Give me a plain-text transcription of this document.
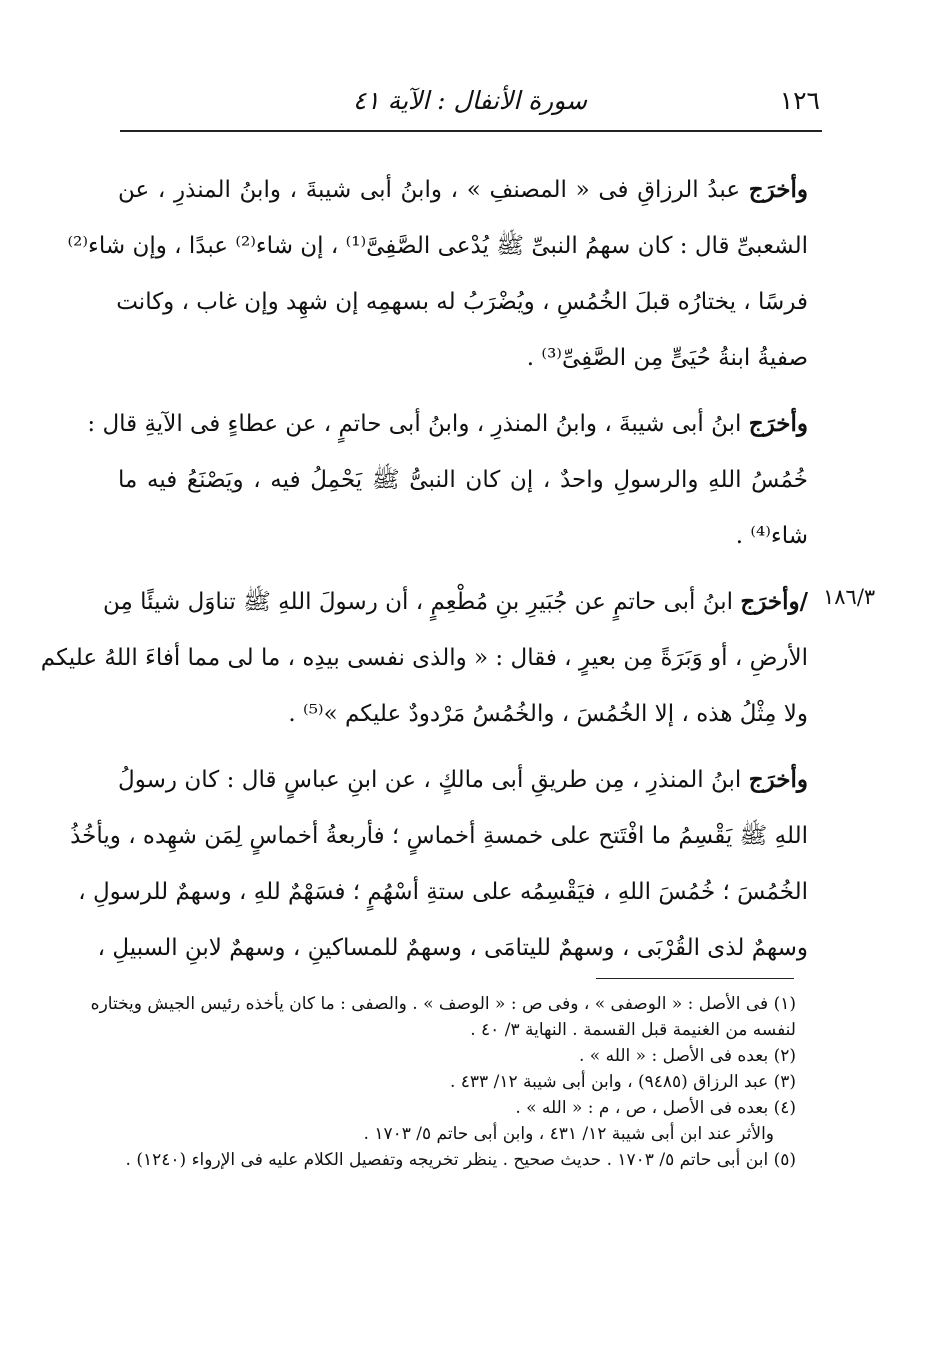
١٢٦
سورة الأنفال : الآية ٤١
١٨٦/٣
وأخرَج عبدُ الرزاقِ فى « المصنفِ » ، وابنُ أبى شيبةَ ، وابنُ المنذرِ ، عن
الشعبىِّ قال : كان سهمُ النبىِّ ﷺ يُدْعى الصَّفِىَّ⁽¹⁾ ، إن شاء⁽²⁾ عبدًا ، وإن شاء⁽²⁾
فرسًا ، يختارُه قبلَ الخُمُسِ ، ويُضْرَبُ له بسهمِه إن شهِد وإن غاب ، وكانت
صفيةُ ابنةُ حُيَىٍّ مِن الصَّفِىِّ⁽³⁾ .
وأخرَج ابنُ أبى شيبةَ ، وابنُ المنذرِ ، وابنُ أبى حاتمٍ ، عن عطاءٍ فى الآيةِ قال :
خُمُسُ اللهِ والرسولِ واحدٌ ، إن كان النبىُّ ﷺ يَحْمِلُ فيه ، ويَصْنَعُ فيه ما
شاء⁽⁴⁾ .
/وأخرَج ابنُ أبى حاتمٍ عن جُبَيرِ بنِ مُطْعِمٍ ، أن رسولَ اللهِ ﷺ تناوَل شيئًا مِن
الأرضِ ، أو وَبَرَةً مِن بعيرٍ ، فقال : « والذى نفسى بيدِه ، ما لى مما أفاءَ اللهُ عليكم
ولا مِثْلُ هذه ، إلا الخُمُسَ ، والخُمُسُ مَرْدودٌ عليكم »⁽⁵⁾ .
وأخرَج ابنُ المنذرِ ، مِن طريقِ أبى مالكٍ ، عن ابنِ عباسٍ قال : كان رسولُ
اللهِ ﷺ يَقْسِمُ ما افْتَتح على خمسةِ أخماسٍ ؛ فأربعةُ أخماسٍ لِمَن شهِده ، ويأخُذُ
الخُمُسَ ؛ خُمُسَ اللهِ ، فيَقْسِمُه على ستةِ أسْهُمٍ ؛ فسَهْمٌ للهِ ، وسهمٌ للرسولِ ،
وسهمٌ لذى القُرْبَى ، وسهمٌ لليتامَى ، وسهمٌ للمساكينِ ، وسهمٌ لابنِ السبيلِ ،
(١) فى الأصل : « الوصفى » ، وفى ص : « الوصف » . والصفى : ما كان يأخذه رئيس الجيش ويختاره
لنفسه من الغنيمة قبل القسمة . النهاية ٣/ ٤٠ .
(٢) بعده فى الأصل : « الله » .
(٣) عبد الرزاق (٩٤٨٥) ، وابن أبى شيبة ١٢/ ٤٣٣ .
(٤) بعده فى الأصل ، ص ، م : « الله » .
والأثر عند ابن أبى شيبة ١٢/ ٤٣١ ، وابن أبى حاتم ٥/ ١٧٠٣ .
(٥) ابن أبى حاتم ٥/ ١٧٠٣ . حديث صحيح . ينظر تخريجه وتفصيل الكلام عليه فى الإرواء (١٢٤٠) .
